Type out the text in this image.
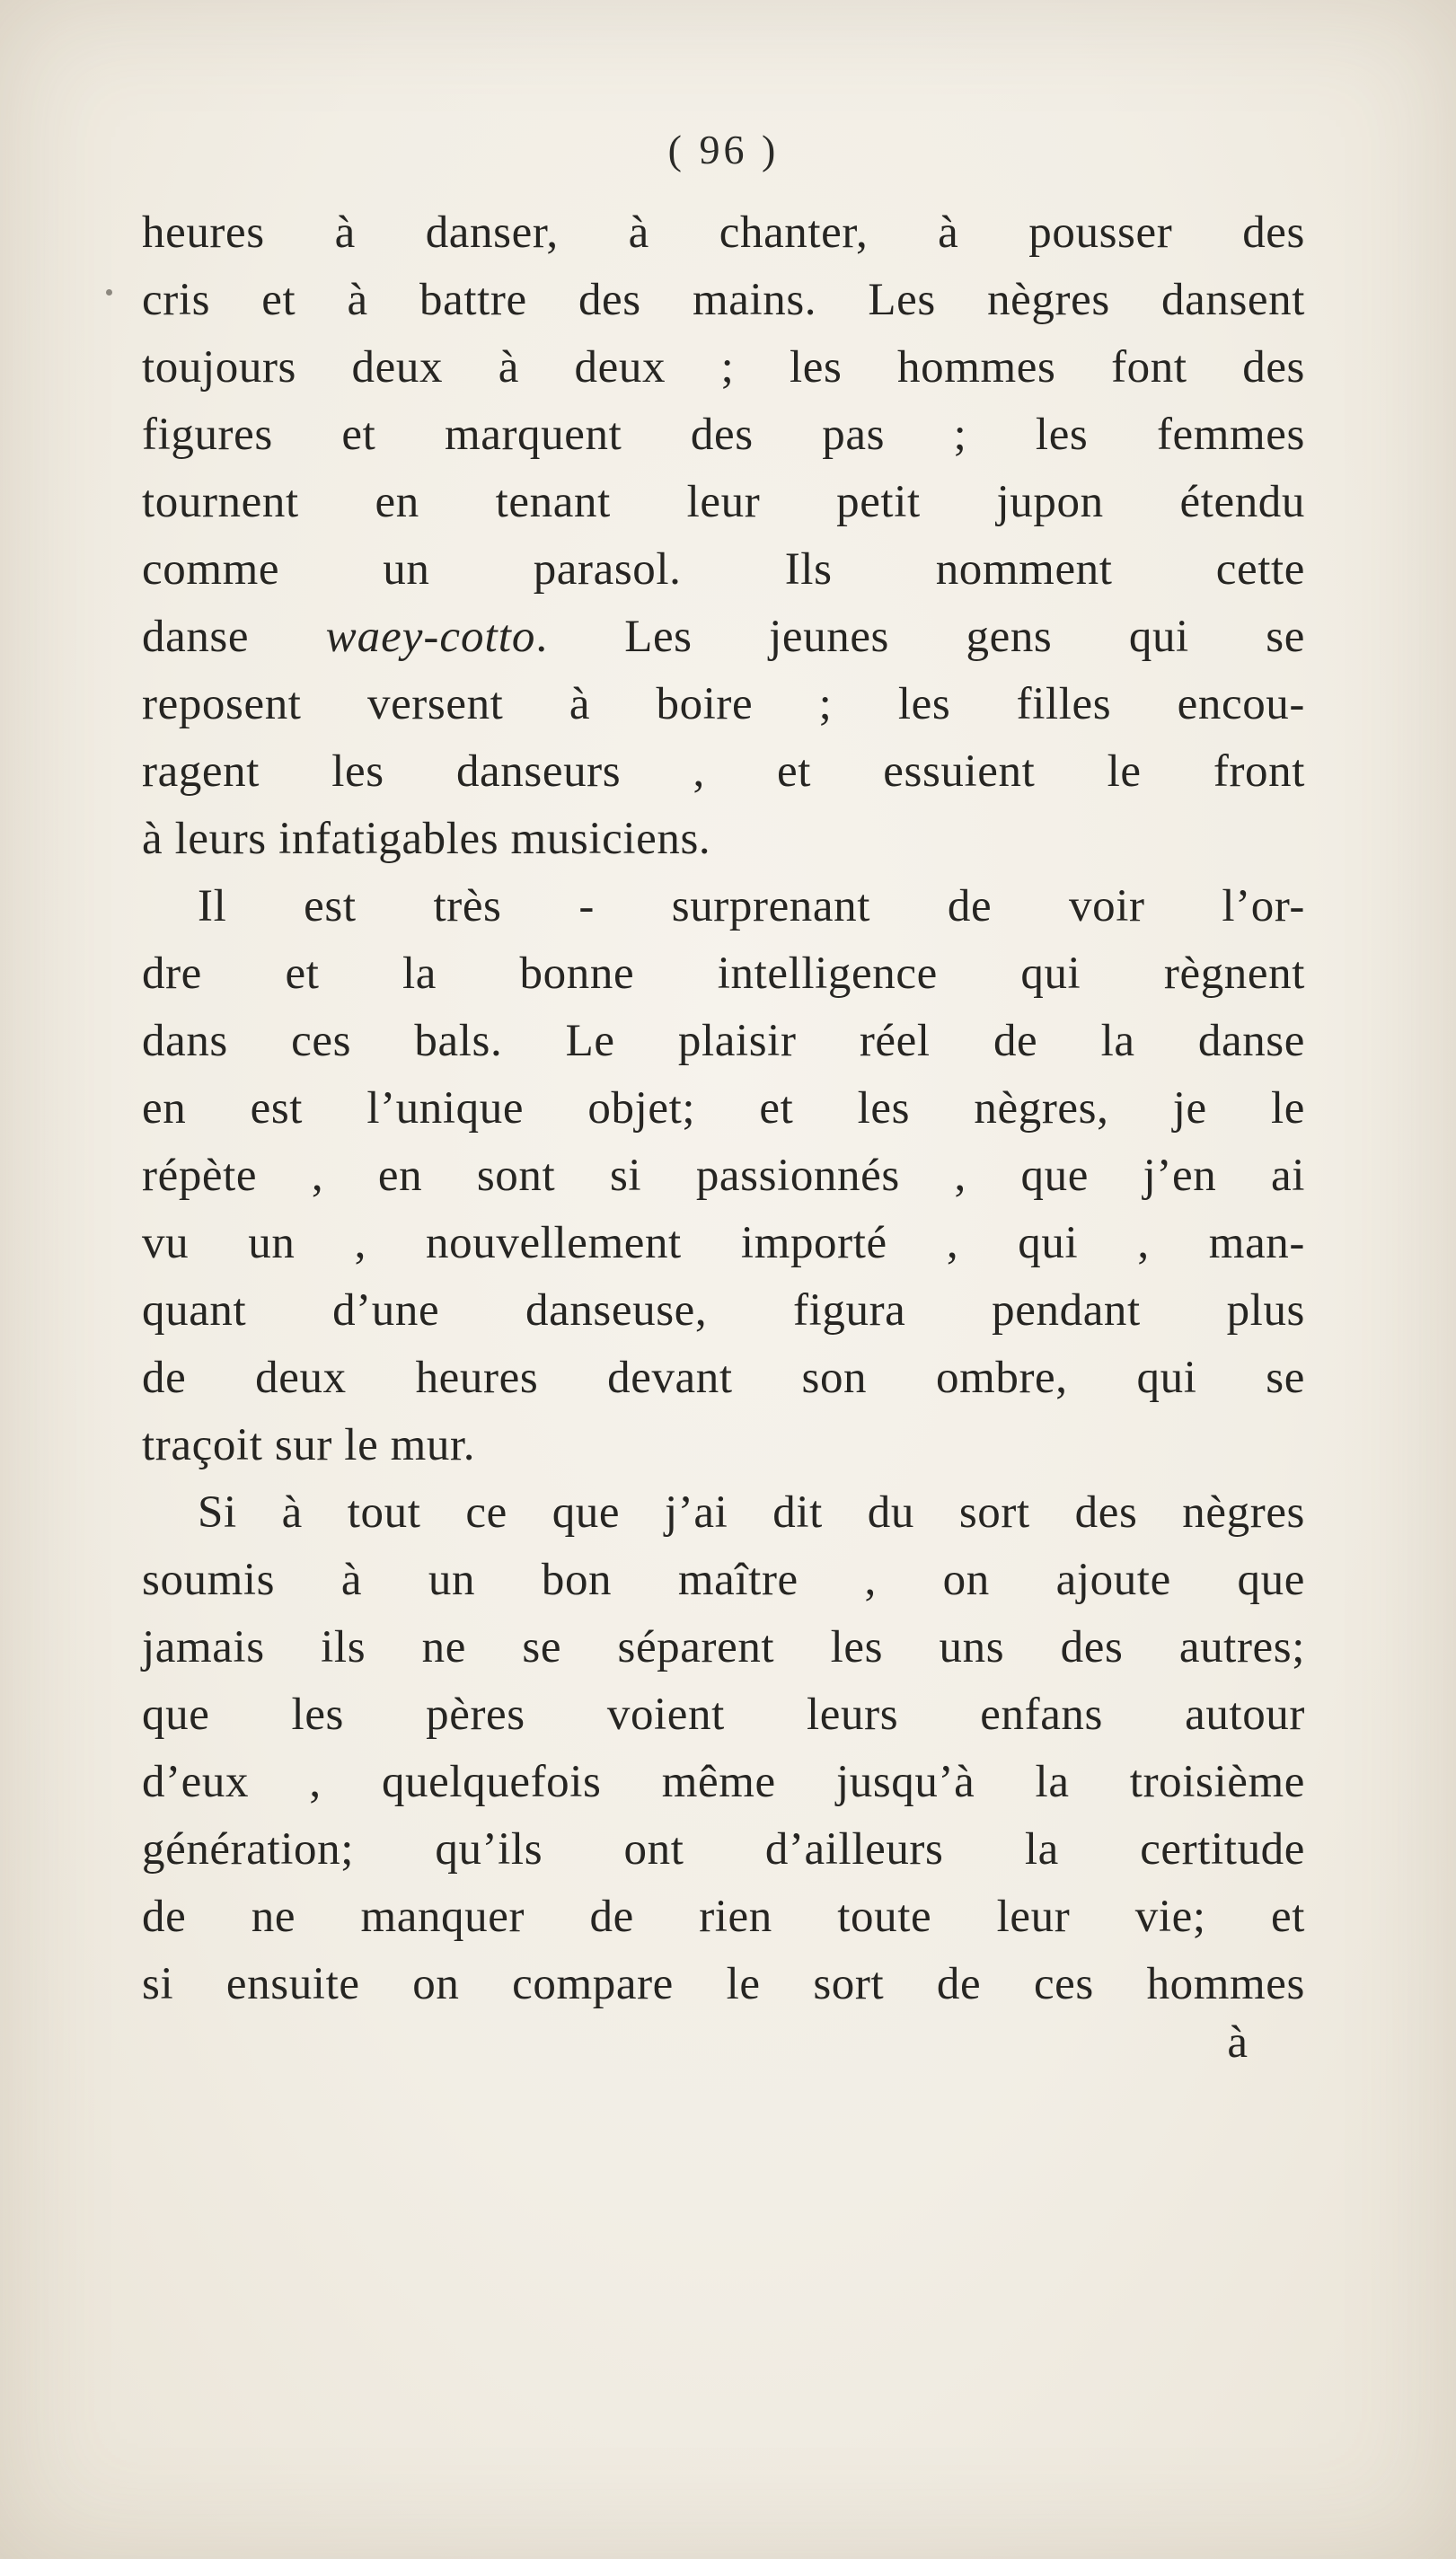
( 96 )
heures à danser, à chanter, à pousser des
cris et à battre des mains. Les nègres dansent
toujours deux à deux ; les hommes font des
figures et marquent des pas ; les femmes
tournent en tenant leur petit jupon étendu
comme un parasol. Ils nomment cette
danse waey-cotto. Les jeunes gens qui se
reposent versent à boire ; les filles encou-
ragent les danseurs , et essuient le front
à leurs infatigables musiciens.
Il est très - surprenant de voir l’or-
dre et la bonne intelligence qui règnent
dans ces bals. Le plaisir réel de la danse
en est l’unique objet; et les nègres, je le
répète , en sont si passionnés , que j’en ai
vu un , nouvellement importé , qui , man-
quant d’une danseuse, figura pendant plus
de deux heures devant son ombre, qui se
traçoit sur le mur.
Si à tout ce que j’ai dit du sort des nègres
soumis à un bon maître , on ajoute que
jamais ils ne se séparent les uns des autres;
que les pères voient leurs enfans autour
d’eux , quelquefois même jusqu’à la troisième
génération; qu’ils ont d’ailleurs la certitude
de ne manquer de rien toute leur vie; et
si ensuite on compare le sort de ces hommes
à
